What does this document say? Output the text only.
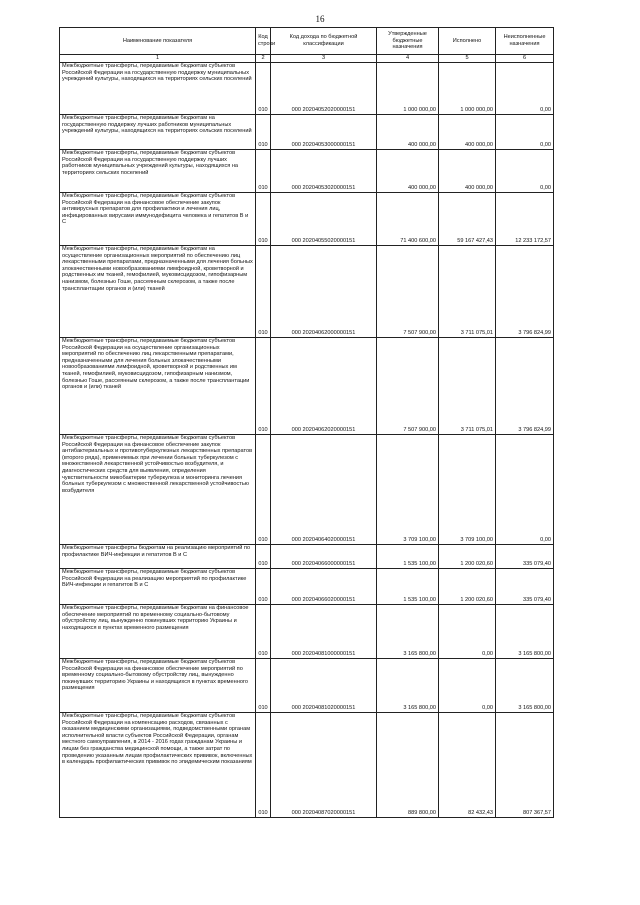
16
Наименование показателя	Код строки	Код дохода по бюджетной классификации	Утвержденные бюджетные назначения	Исполнено	Неисполненные назначения
1	2	3	4	5	6
Межбюджетные трансферты, передаваемые бюджетам субъектов Российской Федерации на государственную поддержку муниципальных учреждений культуры, находящихся на территориях сельских поселений	010	000 20204052020000151	1 000 000,00	1 000 000,00	0,00
Межбюджетные трансферты, передаваемые бюджетам на государственную поддержку лучших работников муниципальных учреждений культуры, находящихся на территориях сельских поселений	010	000 20204053000000151	400 000,00	400 000,00	0,00
Межбюджетные трансферты, передаваемые бюджетам субъектов Российской Федерации на государственную поддержку лучших работников муниципальных учреждений культуры, находящихся на территориях сельских поселений	010	000 20204053020000151	400 000,00	400 000,00	0,00
Межбюджетные трансферты, передаваемые бюджетам субъектов Российской Федерации на финансовое обеспечение закупок антивирусных препаратов для профилактики и лечения лиц, инфицированных вирусами иммунодефицита человека и гепатитов В и С	010	000 20204055020000151	71 400 600,00	59 167 427,43	12 233 172,57
Межбюджетные трансферты, передаваемые бюджетам на осуществление организационных мероприятий по обеспечению лиц лекарственными препаратами, предназначенными для лечения больных злокачественными новообразованиями лимфоидной, кроветворной и родственных им тканей, гемофилией, муковисцидозом, гипофизарным нанизмом, болезнью Гоше, рассеянным склерозом, а также после трансплантации органов и (или) тканей	010	000 20204062000000151	7 507 900,00	3 711 075,01	3 796 824,99
Межбюджетные трансферты, передаваемые бюджетам субъектов Российской Федерации на осуществление организационных мероприятий по обеспечению лиц лекарственными препаратами, предназначенными для лечения больных злокачественными новообразованиями лимфоидной, кроветворной и родственных им тканей, гемофилией, муковисцидозом, гипофизарным нанизмом, болезнью Гоше, рассеянным склерозом, а также после трансплантации органов и (или) тканей	010	000 20204062020000151	7 507 900,00	3 711 075,01	3 796 824,99
Межбюджетные трансферты, передаваемые бюджетам субъектов Российской Федерации на финансовое обеспечение закупок антибактериальных и противотуберкулезных лекарственных препаратов (второго ряда), применяемых при лечении больных туберкулезом с множественной лекарственной устойчивостью возбудителя, и диагностических средств для выявления, определения чувствительности микобактерии туберкулеза и мониторинга лечения больных туберкулезом с множественной лекарственной устойчивостью возбудителя	010	000 20204064020000151	3 709 100,00	3 709 100,00	0,00
Межбюджетные трансферты бюджетам на реализацию мероприятий по профилактике ВИЧ-инфекции и гепатитов В и С	010	000 20204066000000151	1 535 100,00	1 200 020,60	335 079,40
Межбюджетные трансферты, передаваемые бюджетам субъектов Российской Федерации на реализацию мероприятий по профилактике ВИЧ-инфекции и гепатитов В и С	010	000 20204066020000151	1 535 100,00	1 200 020,60	335 079,40
Межбюджетные трансферты, передаваемые бюджетам на финансовое обеспечение мероприятий по временному социально-бытовому обустройству лиц, вынужденно покинувших территорию Украины и находящихся в пунктах временного размещения	010	000 20204081000000151	3 165 800,00	0,00	3 165 800,00
Межбюджетные трансферты, передаваемые бюджетам субъектов Российской Федерации на финансовое обеспечение мероприятий по временному социально-бытовому обустройству лиц, вынужденно покинувших территорию Украины и находящихся в пунктах временного размещения	010	000 20204081020000151	3 165 800,00	0,00	3 165 800,00
Межбюджетные трансферты, передаваемые бюджетам субъектов Российской Федерации на компенсацию расходов, связанных с оказанием медицинскими организациями, подведомственными органам исполнительной власти субъектов Российской Федерации, органам местного самоуправления, в 2014 - 2016 годах гражданам Украины и лицам без гражданства медицинской помощи, а также затрат по проведению указанным лицам профилактических прививок, включенных в календарь профилактических прививок по эпидемическим показаниям	010	000 20204087020000151	889 800,00	82 432,43	807 367,57
